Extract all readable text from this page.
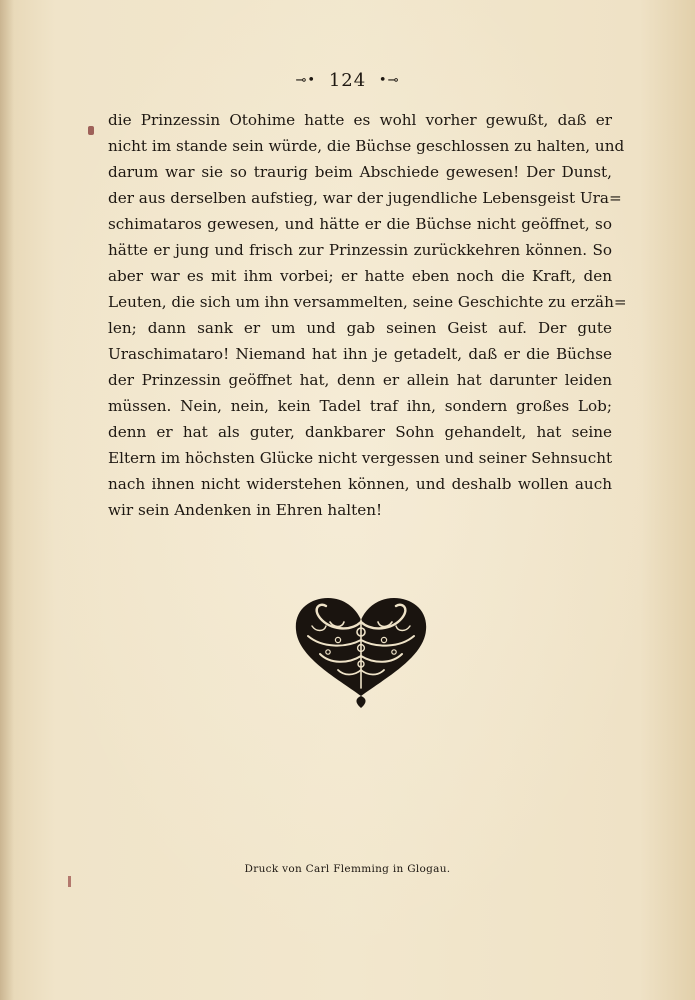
⊸• 124 •⊸
die Prinzessin Otohime hatte es wohl vorher gewußt, daß er
nicht im stande sein würde, die Büchse geschlossen zu halten, und
darum war sie so traurig beim Abschiede gewesen! Der Dunst,
der aus derselben aufstieg, war der jugendliche Lebensgeist Ura=
schimataros gewesen, und hätte er die Büchse nicht geöffnet, so
hätte er jung und frisch zur Prinzessin zurückkehren können. So
aber war es mit ihm vorbei; er hatte eben noch die Kraft, den
Leuten, die sich um ihn versammelten, seine Geschichte zu erzäh=
len; dann sank er um und gab seinen Geist auf. Der gute
Uraschimataro! Niemand hat ihn je getadelt, daß er die Büchse
der Prinzessin geöffnet hat, denn er allein hat darunter leiden
müssen. Nein, nein, kein Tadel traf ihn, sondern großes Lob;
denn er hat als guter, dankbarer Sohn gehandelt, hat seine
Eltern im höchsten Glücke nicht vergessen und seiner Sehnsucht
nach ihnen nicht widerstehen können, und deshalb wollen auch
wir sein Andenken in Ehren halten!
Druck von Carl Flemming in Glogau.
